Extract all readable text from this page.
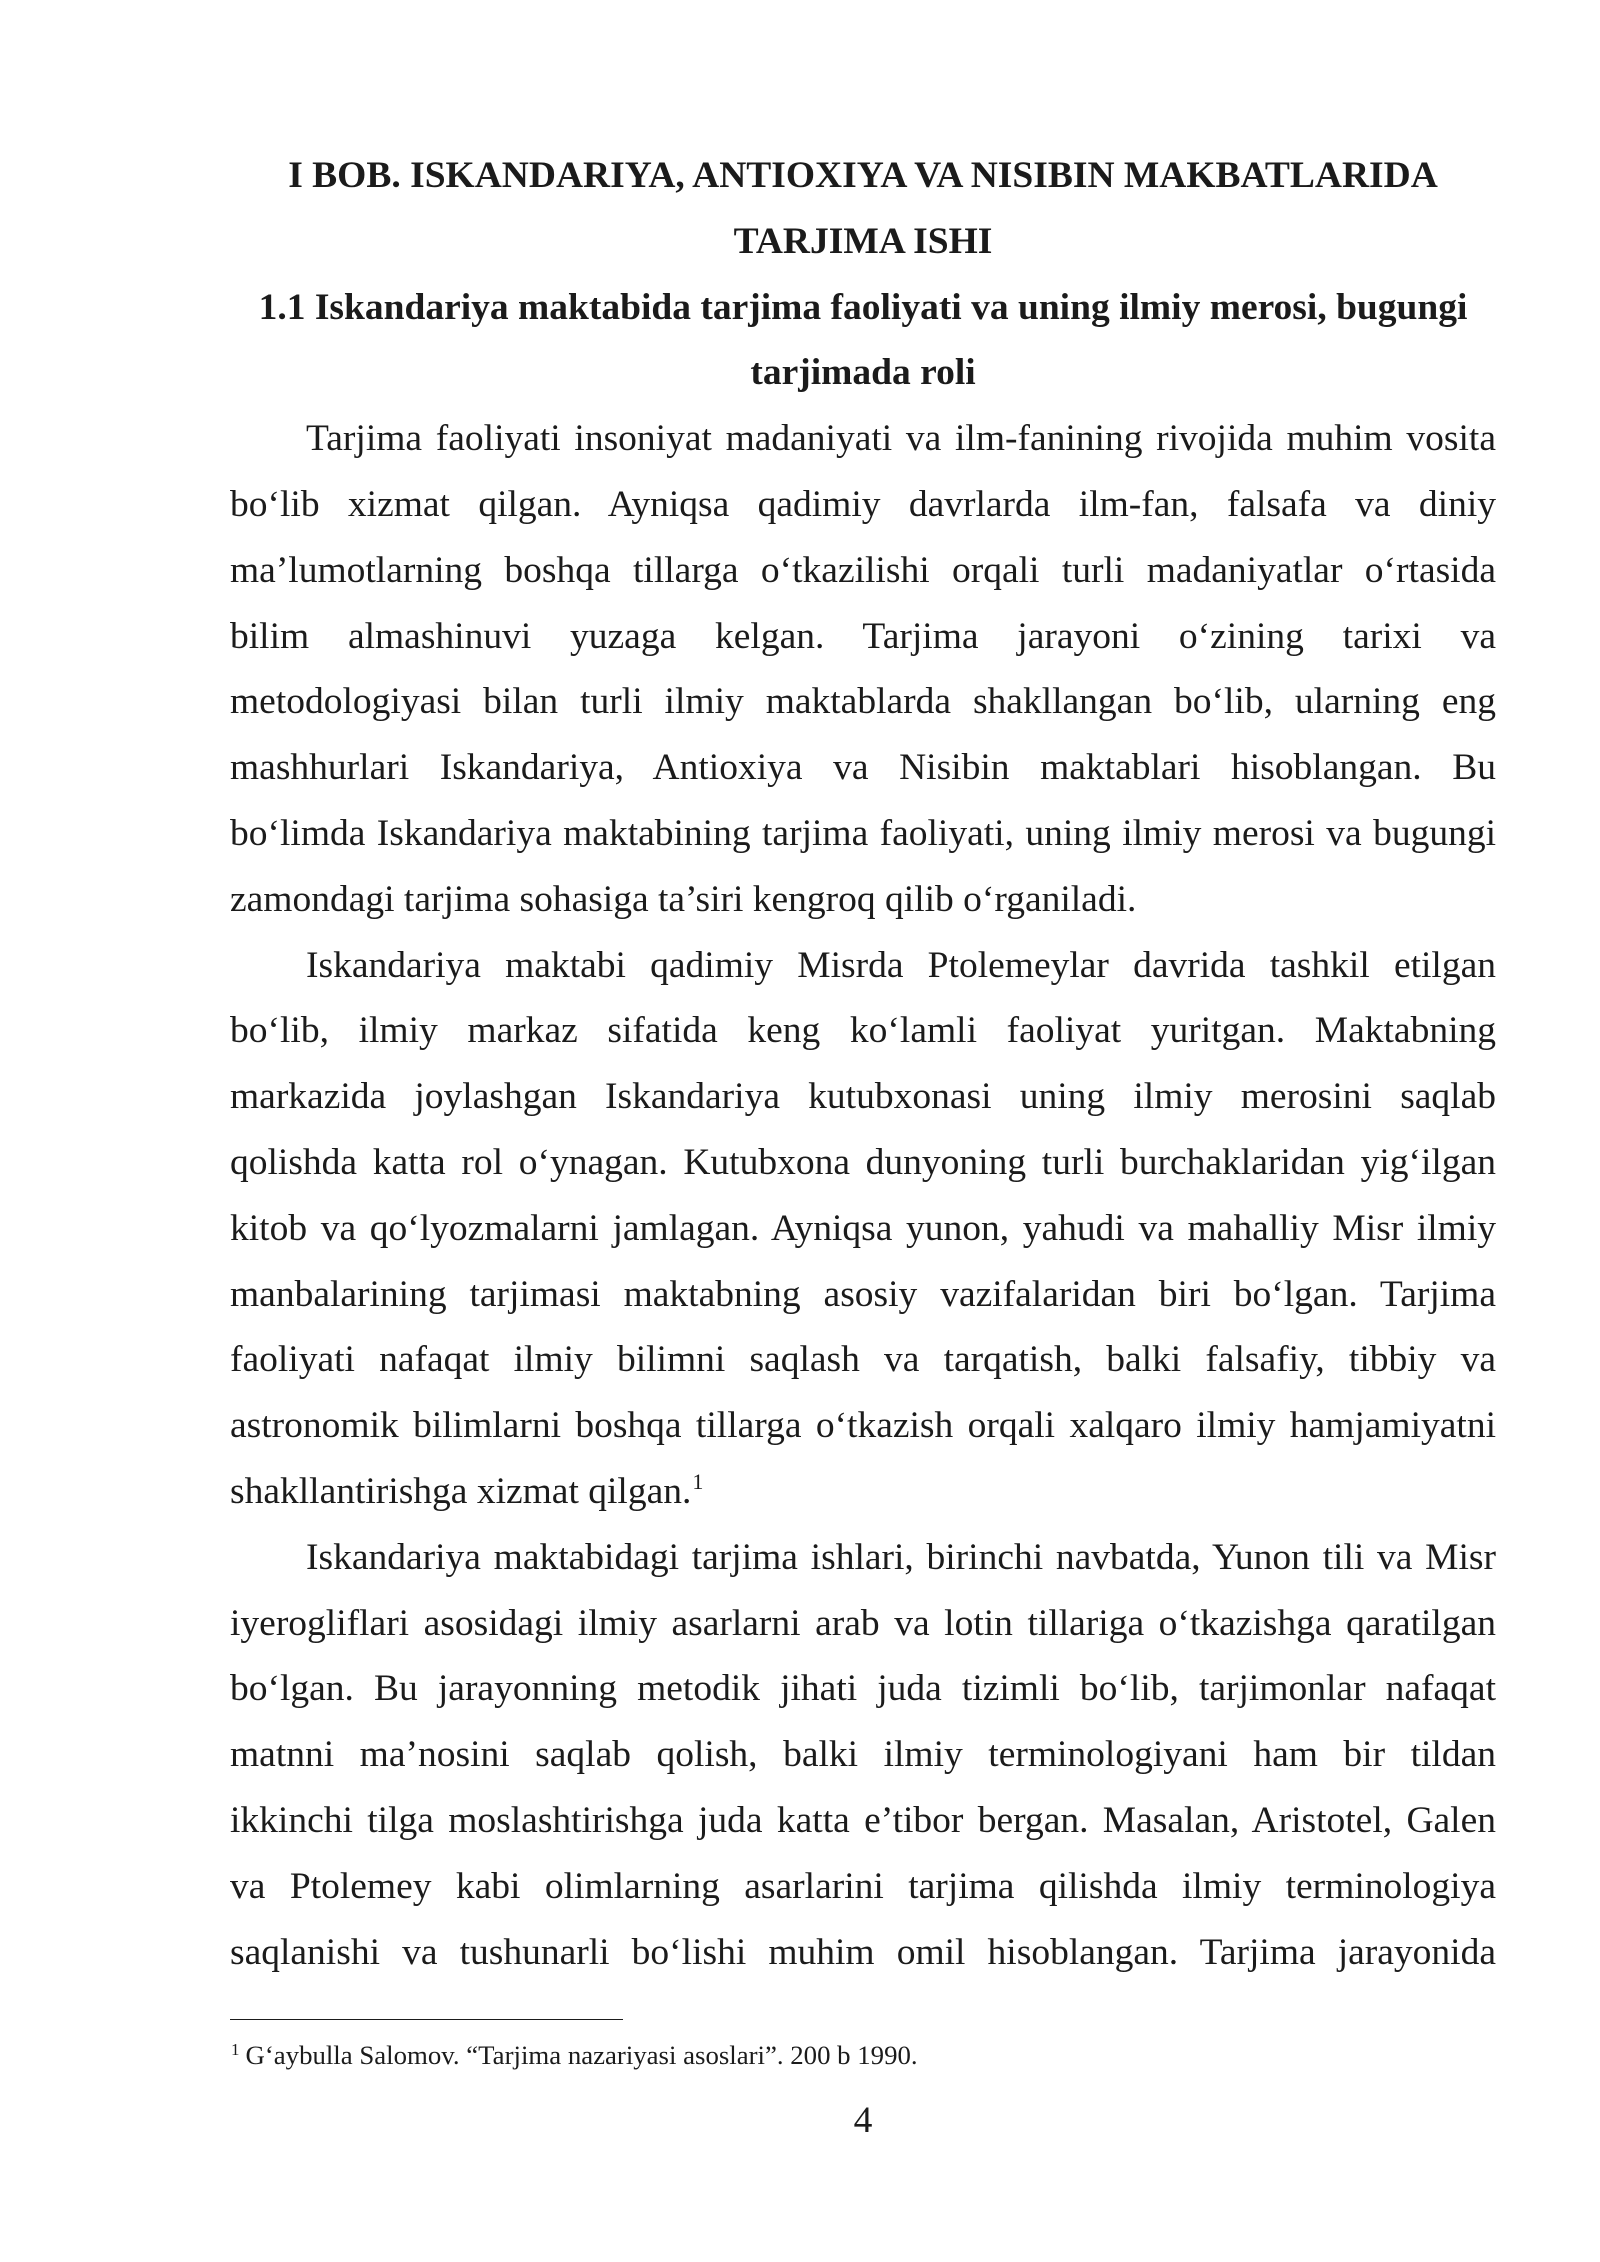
I BOB. ISKANDARIYA, ANTIOXIYA VA NISIBIN MAKBATLARIDA
TARJIMA ISHI
1.1 Iskandariya maktabida tarjima faoliyati va uning ilmiy merosi, bugungi
tarjimada roli
Tarjima faoliyati insoniyat madaniyati va ilm-fanining rivojida muhim vosita
bo‘lib xizmat qilgan. Ayniqsa qadimiy davrlarda ilm-fan, falsafa va diniy
ma’lumotlarning boshqa tillarga o‘tkazilishi orqali turli madaniyatlar o‘rtasida
bilim almashinuvi yuzaga kelgan. Tarjima jarayoni o‘zining tarixi va
metodologiyasi bilan turli ilmiy maktablarda shakllangan bo‘lib, ularning eng
mashhurlari Iskandariya, Antioxiya va Nisibin maktablari hisoblangan. Bu
bo‘limda Iskandariya maktabining tarjima faoliyati, uning ilmiy merosi va bugungi
zamondagi tarjima sohasiga ta’siri kengroq qilib o‘rganiladi.
Iskandariya maktabi qadimiy Misrda Ptolemeylar davrida tashkil etilgan
bo‘lib, ilmiy markaz sifatida keng ko‘lamli faoliyat yuritgan. Maktabning
markazida joylashgan Iskandariya kutubxonasi uning ilmiy merosini saqlab
qolishda katta rol o‘ynagan. Kutubxona dunyoning turli burchaklaridan yig‘ilgan
kitob va qo‘lyozmalarni jamlagan. Ayniqsa yunon, yahudi va mahalliy Misr ilmiy
manbalarining tarjimasi maktabning asosiy vazifalaridan biri bo‘lgan. Tarjima
faoliyati nafaqat ilmiy bilimni saqlash va tarqatish, balki falsafiy, tibbiy va
astronomik bilimlarni boshqa tillarga o‘tkazish orqali xalqaro ilmiy hamjamiyatni
shakllantirishga xizmat qilgan.$^1$
Iskandariya maktabidagi tarjima ishlari, birinchi navbatda, Yunon tili va Misr
iyerogliflari asosidagi ilmiy asarlarni arab va lotin tillariga o‘tkazishga qaratilgan
bo‘lgan. Bu jarayonning metodik jihati juda tizimli bo‘lib, tarjimonlar nafaqat
matnni ma’nosini saqlab qolish, balki ilmiy terminologiyani ham bir tildan
ikkinchi tilga moslashtirishga juda katta e’tibor bergan. Masalan, Aristotel, Galen
va Ptolemey kabi olimlarning asarlarini tarjima qilishda ilmiy terminologiya
saqlanishi va tushunarli bo‘lishi muhim omil hisoblangan. Tarjima jarayonida
$^1$ G‘aybulla Salomov. “Tarjima nazariyasi asoslari”. 200 b 1990.
4
